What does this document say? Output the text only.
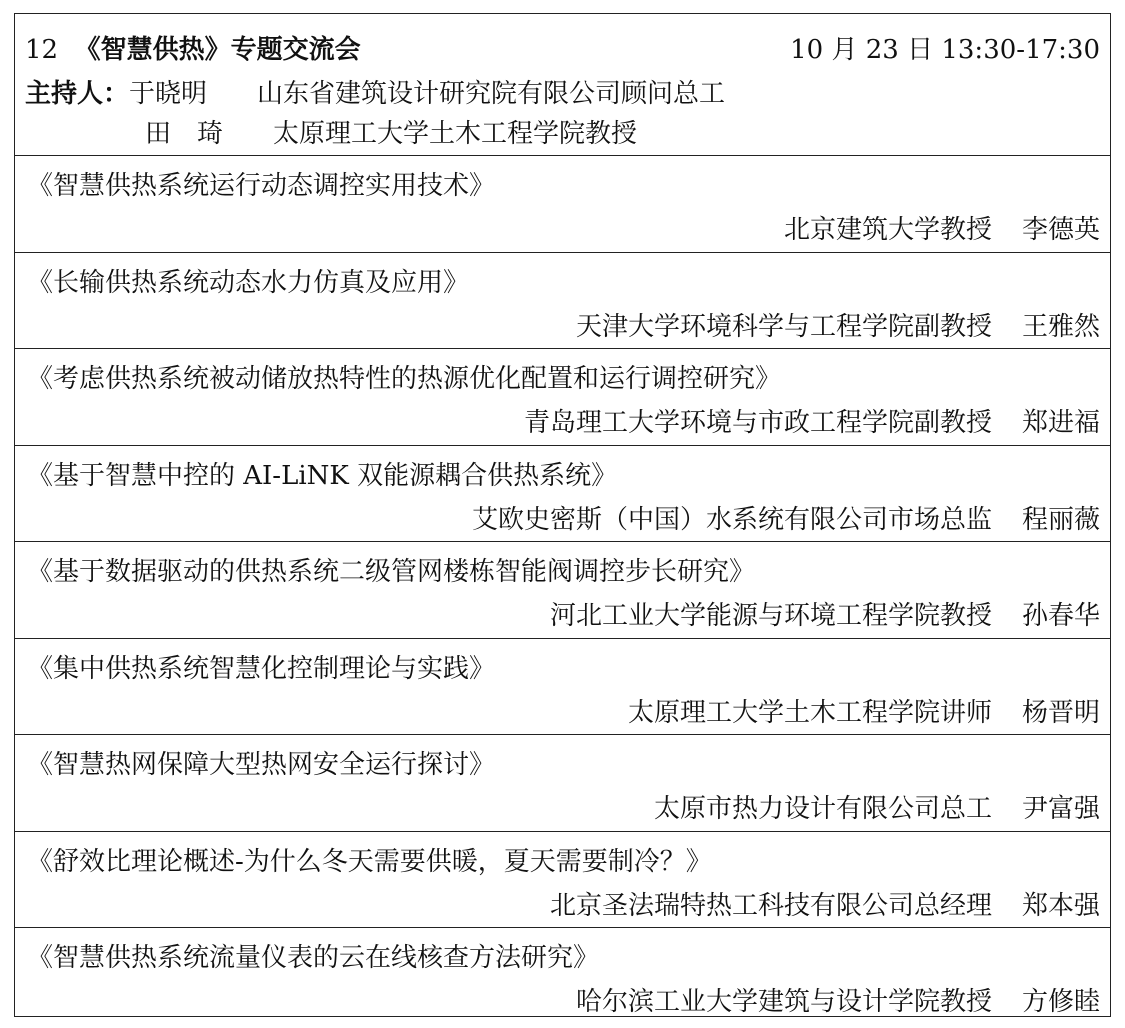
12 《智慧供热》专题交流会	10 月 23 日 13:30-17:30
主持人：于晓明 山东省建筑设计研究院有限公司顾问总工
田　琦 太原理工大学土木工程学院教授
《智慧供热系统运行动态调控实用技术》
北京建筑大学教授 李德英
《长输供热系统动态水力仿真及应用》
天津大学环境科学与工程学院副教授 王雅然
《考虑供热系统被动储放热特性的热源优化配置和运行调控研究》
青岛理工大学环境与市政工程学院副教授 郑进福
《基于智慧中控的 AI-LiNK 双能源耦合供热系统》
艾欧史密斯（中国）水系统有限公司市场总监 程丽薇
《基于数据驱动的供热系统二级管网楼栋智能阀调控步长研究》
河北工业大学能源与环境工程学院教授 孙春华
《集中供热系统智慧化控制理论与实践》
太原理工大学土木工程学院讲师 杨晋明
《智慧热网保障大型热网安全运行探讨》
太原市热力设计有限公司总工 尹富强
《舒效比理论概述-为什么冬天需要供暖，夏天需要制冷？》
北京圣法瑞特热工科技有限公司总经理 郑本强
《智慧供热系统流量仪表的云在线核查方法研究》
哈尔滨工业大学建筑与设计学院教授 方修睦
